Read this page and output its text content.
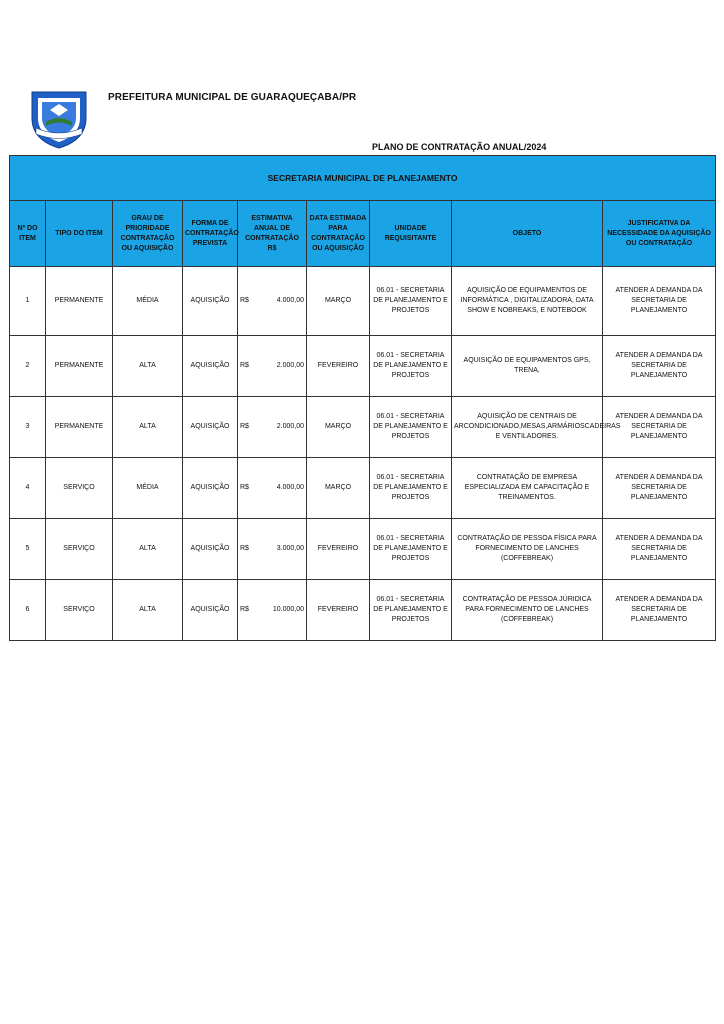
PREFEITURA MUNICIPAL DE GUARAQUEÇABA/PR
PLANO DE CONTRATAÇÃO ANUAL/2024
SECRETARIA MUNICIPAL DE PLANEJAMENTO								
Nº DO ITEM	TIPO DO ITEM	GRAU DE PRIORIDADE CONTRATAÇÃO OU AQUISIÇÃO	FORMA DE CONTRATAÇÃO PREVISTA	ESTIMATIVA ANUAL DE CONTRATAÇÃO R$	DATA ESTIMADA PARA CONTRATAÇÃO OU AQUISIÇÃO	UNIDADE REQUISITANTE	OBJETO	JUSTIFICATIVA DA NECESSIDADE DA AQUISIÇÃO OU CONTRATAÇÃO
1	PERMANENTE	MÉDIA	AQUISIÇÃO	R$ 4.000,00	MARÇO	06.01 - SECRETARIA DE PLANEJAMENTO E PROJETOS	AQUISIÇÃO DE EQUIPAMENTOS DE INFORMÁTICA , DIGITALIZADORA, DATA SHOW E NOBREAKS, E NOTEBOOK	ATENDER A DEMANDA DA SECRETARIA DE PLANEJAMENTO
2	PERMANENTE	ALTA	AQUISIÇÃO	R$ 2.000,00	FEVEREIRO	06.01 - SECRETARIA DE PLANEJAMENTO E PROJETOS	AQUISIÇÃO DE EQUIPAMENTOS GPS, TRENA,	ATENDER A DEMANDA DA SECRETARIA DE PLANEJAMENTO
3	PERMANENTE	ALTA	AQUISIÇÃO	R$ 2.000,00	MARÇO	06.01 - SECRETARIA DE PLANEJAMENTO E PROJETOS	AQUISIÇÃO DE CENTRAIS DE ARCONDICIONADO,MESAS,ARMÁRIOSCADEIRAS E VENTILADORES.	ATENDER A DEMANDA DA SECRETARIA DE PLANEJAMENTO
4	SERVIÇO	MÉDIA	AQUISIÇÃO	R$ 4.000,00	MARÇO	06.01 - SECRETARIA DE PLANEJAMENTO E PROJETOS	CONTRATAÇÃO DE EMPRESA ESPECIALIZADA EM CAPACITAÇÃO E TREINAMENTOS.	ATENDER A DEMANDA DA SECRETARIA DE PLANEJAMENTO
5	SERVIÇO	ALTA	AQUISIÇÃO	R$ 3.000,00	FEVEREIRO	06.01 - SECRETARIA DE PLANEJAMENTO E PROJETOS	CONTRATAÇÃO DE PESSOA FÍSICA PARA FORNECIMENTO DE LANCHES (COFFEBREAK)	ATENDER A DEMANDA DA SECRETARIA DE PLANEJAMENTO
6	SERVIÇO	ALTA	AQUISIÇÃO	R$ 10.000,00	FEVEREIRO	06.01 - SECRETARIA DE PLANEJAMENTO E PROJETOS	CONTRATAÇÃO DE PESSOA JÚRIDICA PARA FORNECIMENTO DE LANCHES (COFFEBREAK)	ATENDER A DEMANDA DA SECRETARIA DE PLANEJAMENTO
